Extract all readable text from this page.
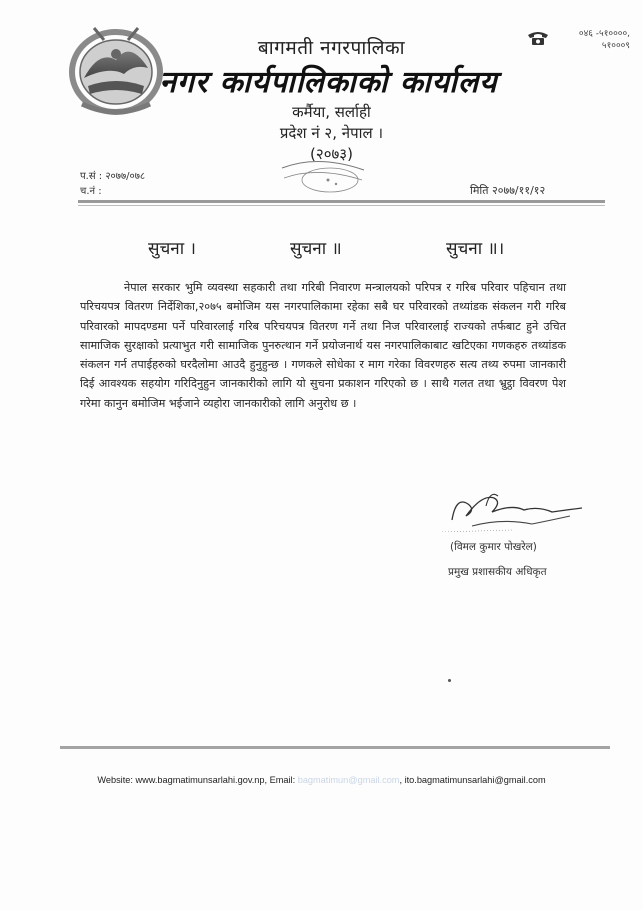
बागमती नगरपालिका
नगर कार्यपालिकाको कार्यालय
कर्मैया, सर्लाही
प्रदेश नं २, नेपाल ।
(२०७३)
०४६ -५१००००,
५१०००९
प.सं : २०७७/०७८
च.नं :	मिति २०७७/११/१२
सुचना ।	सुचना ॥	सुचना ॥।
नेपाल सरकार भुमि व्यवस्था सहकारी तथा गरिबी निवारण मन्त्रालयको परिपत्र र गरिब परिवार पहिचान तथा परिचयपत्र वितरण निर्देशिका,२०७५ बमोजिम यस नगरपालिकामा रहेका सबै घर परिवारको तथ्यांडक संकलन गरी गरिब परिवारको मापदण्डमा पर्ने परिवारलाई गरिब परिचयपत्र वितरण गर्ने तथा निज परिवारलाई राज्यको तर्फबाट हुने उचित सामाजिक सुरक्षाको प्रत्याभुत गरी सामाजिक पुनरुत्थान गर्ने प्रयोजनार्थ यस नगरपालिकाबाट खटिएका गणकहरु तथ्यांडक संकलन गर्न तपाईहरुको घरदैलोमा आउदै हुनुहुन्छ । गणकले सोधेका र माग गरेका विवरणहरु सत्य तथ्य रुपमा जानकारी दिई आवश्यक सहयोग गरिदिनुहुन जानकारीको लागि यो सुचना प्रकाशन गरिएको छ । साथै गलत तथा भ्रुट्ठा विवरण पेश गरेमा कानुन बमोजिम भईजाने व्यहोरा जानकारीको लागि अनुरोध छ ।
(विमल कुमार पोखरेल)
प्रमुख प्रशासकीय अधिकृत
Website: www.bagmatimunsarlahi.gov.np, Email: bagmatimun@gmail.com, ito.bagmatimunsarlahi@gmail.com
